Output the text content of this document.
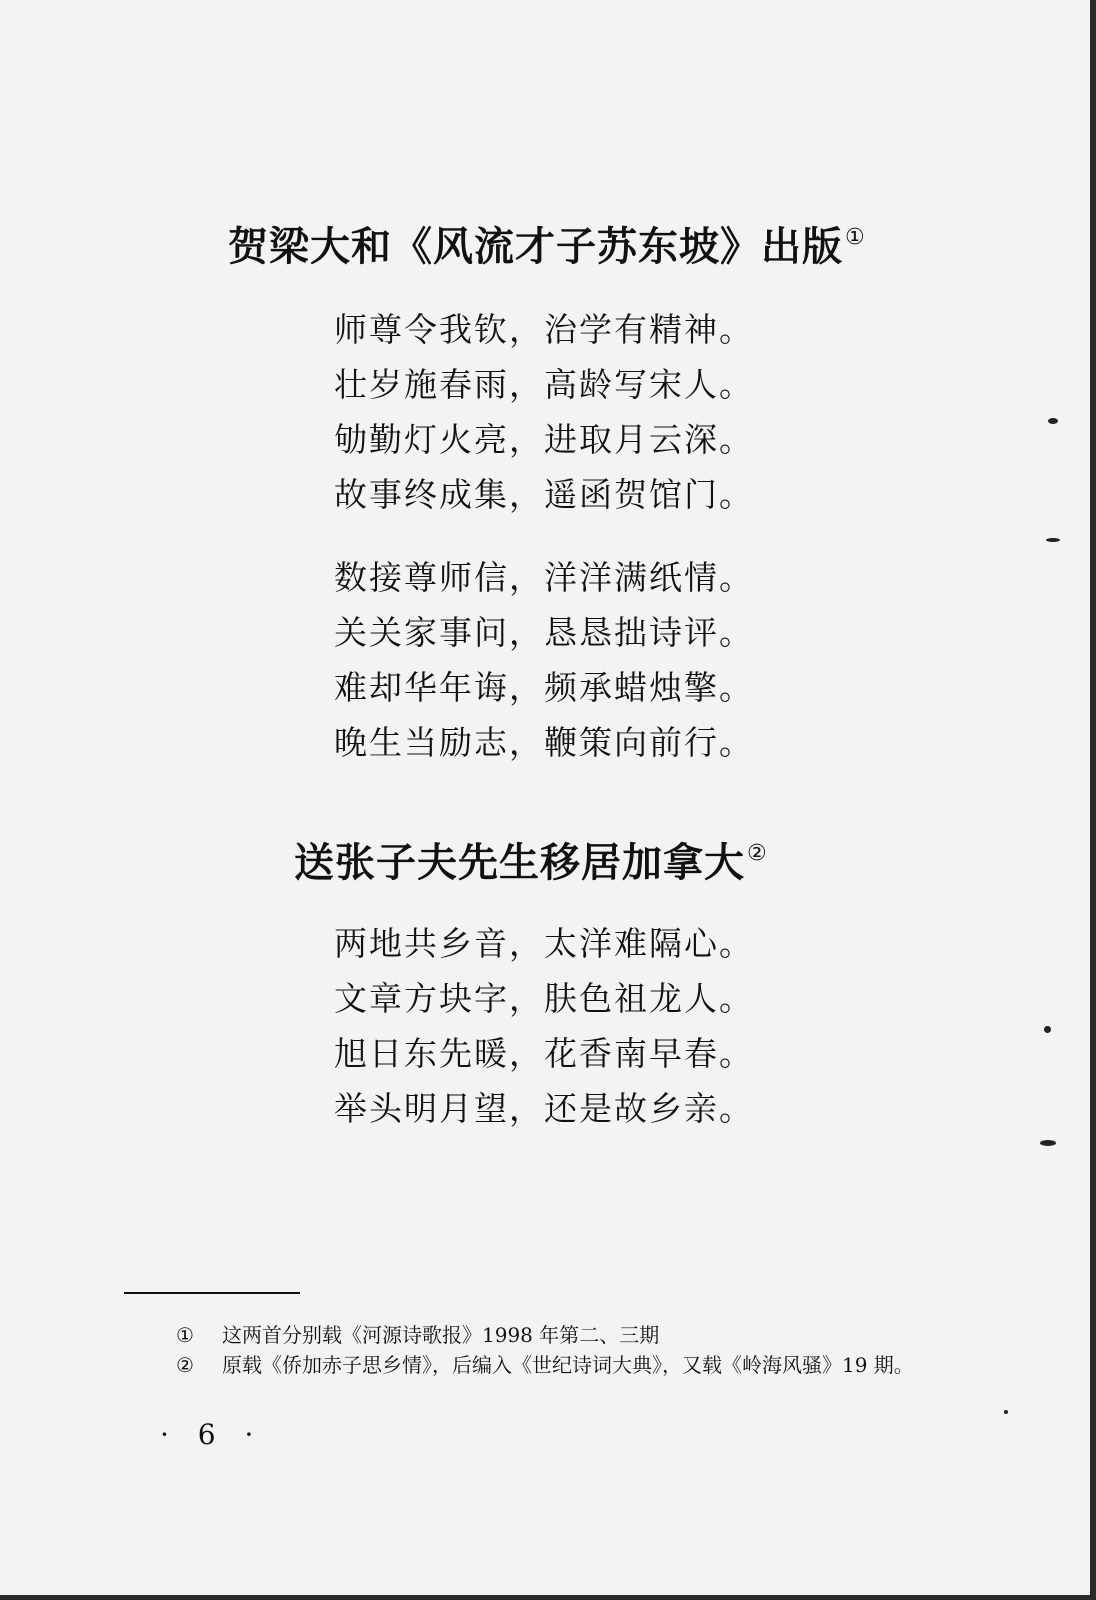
贺梁大和《风流才子苏东坡》出版①
师尊令我钦，治学有精神。
壮岁施春雨，高龄写宋人。
劬勤灯火亮，进取月云深。
故事终成集，遥函贺馆门。
数接尊师信，洋洋满纸情。
关关家事问，恳恳拙诗评。
难却华年诲，频承蜡烛擎。
晚生当励志，鞭策向前行。
送张子夫先生移居加拿大②
两地共乡音，太洋难隔心。
文章方块字，肤色祖龙人。
旭日东先暖，花香南早春。
举头明月望，还是故乡亲。
①	这两首分别载《河源诗歌报》1998 年第二、三期
②	原载《侨加赤子思乡情》，后编入《世纪诗词大典》，又载《岭海风骚》19 期。
· 6 ·
